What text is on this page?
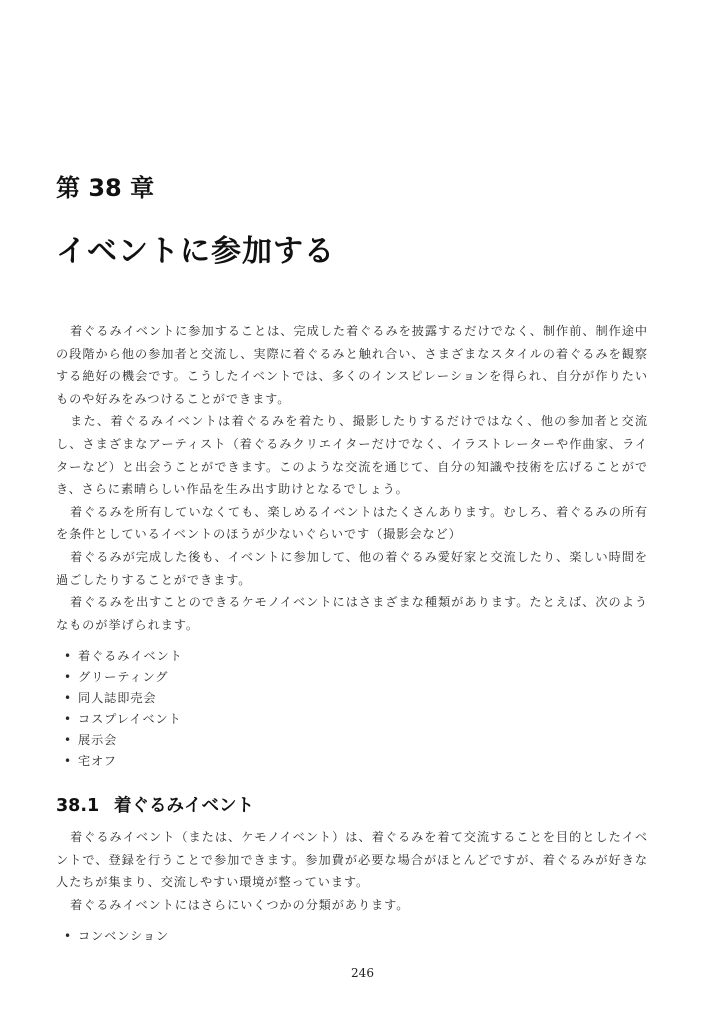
第 38 章
イベントに参加する

着ぐるみイベントに参加することは、完成した着ぐるみを披露するだけでなく、制作前、制作途中の段階から他の参加者と交流し、実際に着ぐるみと触れ合い、さまざまなスタイルの着ぐるみを観察する絶好の機会です。こうしたイベントでは、多くのインスピレーションを得られ、自分が作りたいものや好みをみつけることができます。

また、着ぐるみイベントは着ぐるみを着たり、撮影したりするだけではなく、他の参加者と交流し、さまざまなアーティスト（着ぐるみクリエイターだけでなく、イラストレーターや作曲家、ライターなど）と出会うことができます。このような交流を通じて、自分の知識や技術を広げることができ、さらに素晴らしい作品を生み出す助けとなるでしょう。

着ぐるみを所有していなくても、楽しめるイベントはたくさんあります。むしろ、着ぐるみの所有を条件としているイベントのほうが少ないぐらいです（撮影会など）

着ぐるみが完成した後も、イベントに参加して、他の着ぐるみ愛好家と交流したり、楽しい時間を過ごしたりすることができます。

着ぐるみを出すことのできるケモノイベントにはさまざまな種類があります。たとえば、次のようなものが挙げられます。

• 着ぐるみイベント
• グリーティング
• 同人誌即売会
• コスプレイベント
• 展示会
• 宅オフ
38.1 着ぐるみイベント

着ぐるみイベント（または、ケモノイベント）は、着ぐるみを着て交流することを目的としたイベントで、登録を行うことで参加できます。参加費が必要な場合がほとんどですが、着ぐるみが好きな人たちが集まり、交流しやすい環境が整っています。

着ぐるみイベントにはさらにいくつかの分類があります。

• コンベンション
246
